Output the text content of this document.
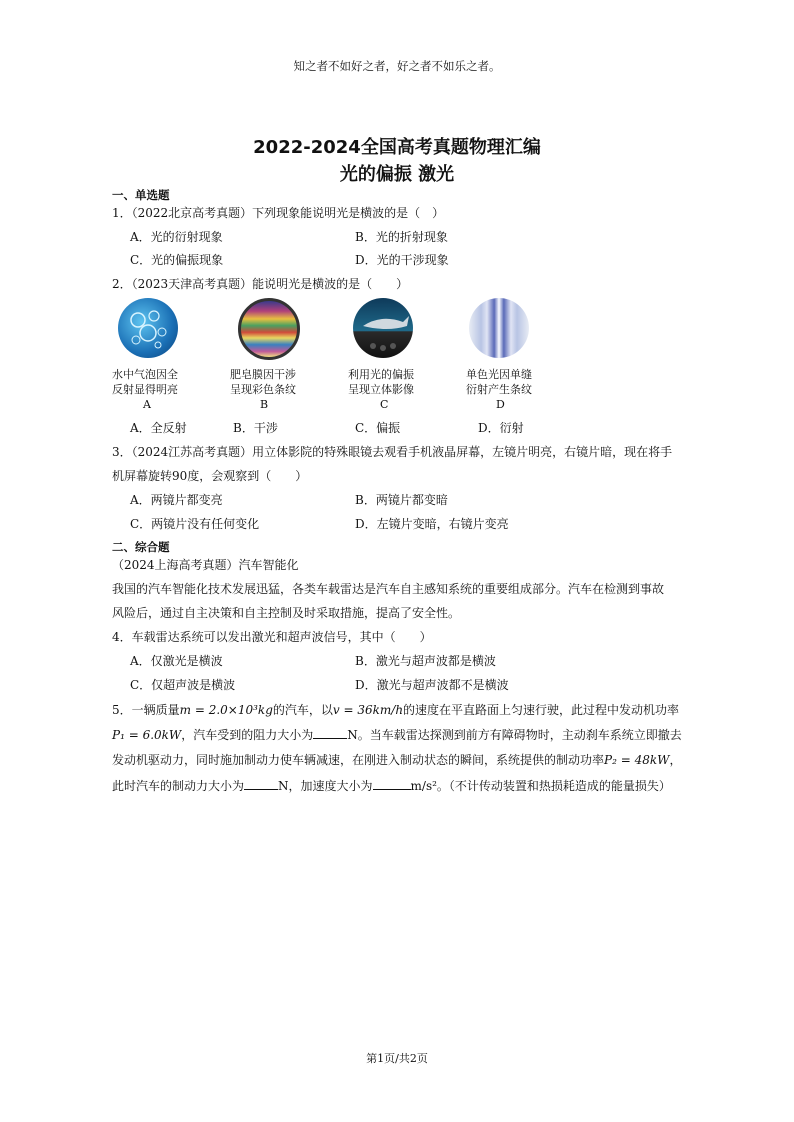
知之者不如好之者，好之者不如乐之者。
2022-2024全国高考真题物理汇编
光的偏振 激光
一、单选题
1．（2022北京高考真题）下列现象能说明光是横波的是（　）
A．光的衍射现象	B．光的折射现象
C．光的偏振现象	D．光的干涉现象
2．（2023天津高考真题）能说明光是横波的是（　　）
水中气泡因全
反射显得明亮
肥皂膜因干涉
呈现彩色条纹
利用光的偏振
呈现立体影像
单色光因单缝
衍射产生条纹
A	B	C	D
A．全反射	B．干涉	C．偏振	D．衍射
3．（2024江苏高考真题）用立体影院的特殊眼镜去观看手机液晶屏幕，左镜片明亮，右镜片暗，现在将手
机屏幕旋转90度，会观察到（　　）
A．两镜片都变亮	B．两镜片都变暗
C．两镜片没有任何变化	D．左镜片变暗，右镜片变亮
二、综合题
（2024上海高考真题）汽车智能化
我国的汽车智能化技术发展迅猛，各类车载雷达是汽车自主感知系统的重要组成部分。汽车在检测到事故
风险后，通过自主决策和自主控制及时采取措施，提高了安全性。
4．车载雷达系统可以发出激光和超声波信号，其中（　　）
A．仅激光是横波	B．激光与超声波都是横波
C．仅超声波是横波	D．激光与超声波都不是横波
5．一辆质量m = 2.0×10³kg的汽车，以v = 36km/h的速度在平直路面上匀速行驶，此过程中发动机功率
P₁ = 6.0kW，汽车受到的阻力大小为	N。当车载雷达探测到前方有障碍物时，主动刹车系统立即撤去
发动机驱动力，同时施加制动力使车辆减速，在刚进入制动状态的瞬间，系统提供的制动功率P₂ = 48kW，
此时汽车的制动力大小为	N，加速度大小为	m/s²。（不计传动装置和热损耗造成的能量损失）
第1页/共2页
